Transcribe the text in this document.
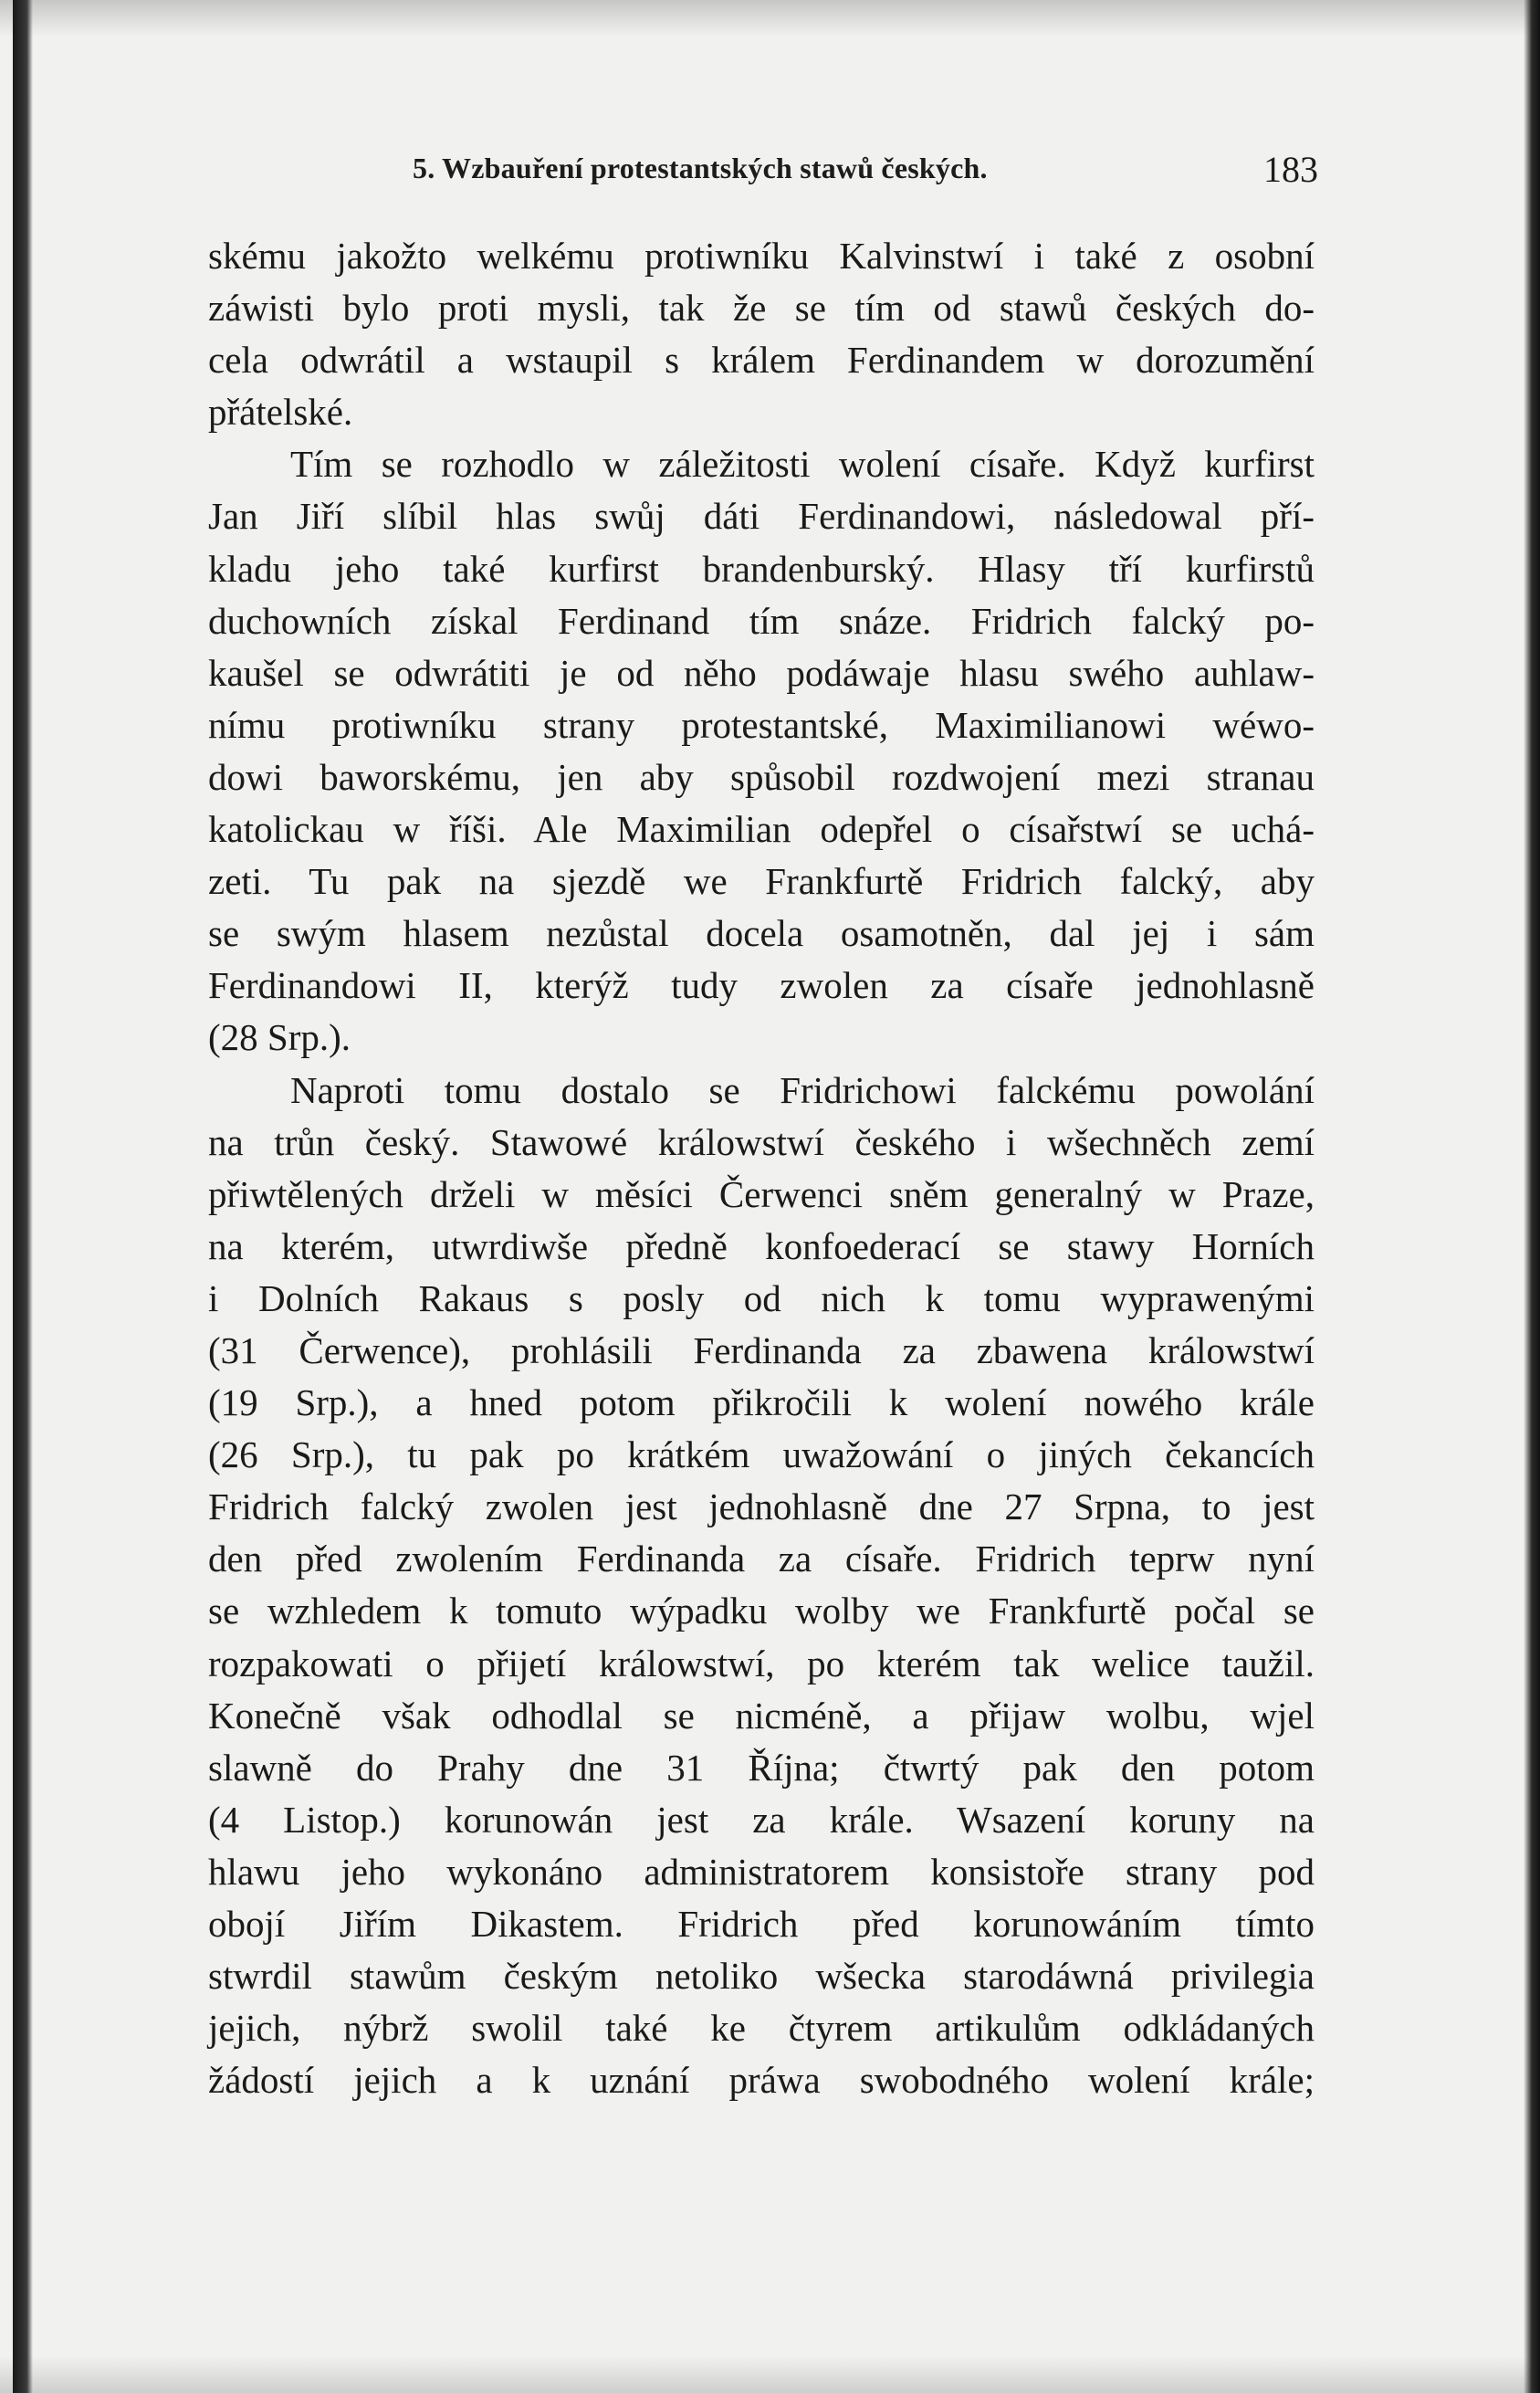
5. Wzbauření protestantských stawů českých.	183
skému jakožto welkému protiwníku Kalvinstwí i také z osobní
záwisti bylo proti mysli, tak že se tím od stawů českých do-
cela odwrátil a wstaupil s králem Ferdinandem w dorozumění
přátelské.
Tím se rozhodlo w záležitosti wolení císaře. Když kurfirst
Jan Jiří slíbil hlas swůj dáti Ferdinandowi, následowal pří-
kladu jeho také kurfirst brandenburský. Hlasy tří kurfirstů
duchowních získal Ferdinand tím snáze. Fridrich falcký po-
kaušel se odwrátiti je od něho podáwaje hlasu swého auhlaw-
nímu protiwníku strany protestantské, Maximilianowi wéwo-
dowi baworskému, jen aby spůsobil rozdwojení mezi stranau
katolickau w říši. Ale Maximilian odepřel o císařstwí se uchá-
zeti. Tu pak na sjezdě we Frankfurtě Fridrich falcký, aby
se swým hlasem nezůstal docela osamotněn, dal jej i sám
Ferdinandowi II, kterýž tudy zwolen za císaře jednohlasně
(28 Srp.).
Naproti tomu dostalo se Fridrichowi falckému powolání
na trůn český. Stawowé králowstwí českého i wšechněch zemí
přiwtělených drželi w měsíci Čerwenci sněm generalný w Praze,
na kterém, utwrdiwše předně konfoederací se stawy Horních
i Dolních Rakaus s posly od nich k tomu wyprawenými
(31 Čerwence), prohlásili Ferdinanda za zbawena králowstwí
(19 Srp.), a hned potom přikročili k wolení nowého krále
(26 Srp.), tu pak po krátkém uwažowání o jiných čekancích
Fridrich falcký zwolen jest jednohlasně dne 27 Srpna, to jest
den před zwolením Ferdinanda za císaře. Fridrich teprw nyní
se wzhledem k tomuto wýpadku wolby we Frankfurtě počal se
rozpakowati o přijetí králowstwí, po kterém tak welice taužil.
Konečně však odhodlal se nicméně, a přijaw wolbu, wjel
slawně do Prahy dne 31 Října; čtwrtý pak den potom
(4 Listop.) korunowán jest za krále. Wsazení koruny na
hlawu jeho wykonáno administratorem konsistoře strany pod
obojí Jiřím Dikastem. Fridrich před korunowáním tímto
stwrdil stawům českým netoliko wšecka starodáwná privilegia
jejich, nýbrž swolil také ke čtyrem artikulům odkládaných
žádostí jejich a k uznání práwa swobodného wolení krále;
